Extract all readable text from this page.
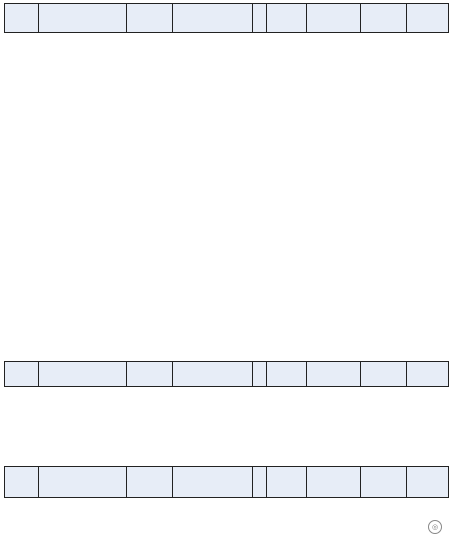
◎
